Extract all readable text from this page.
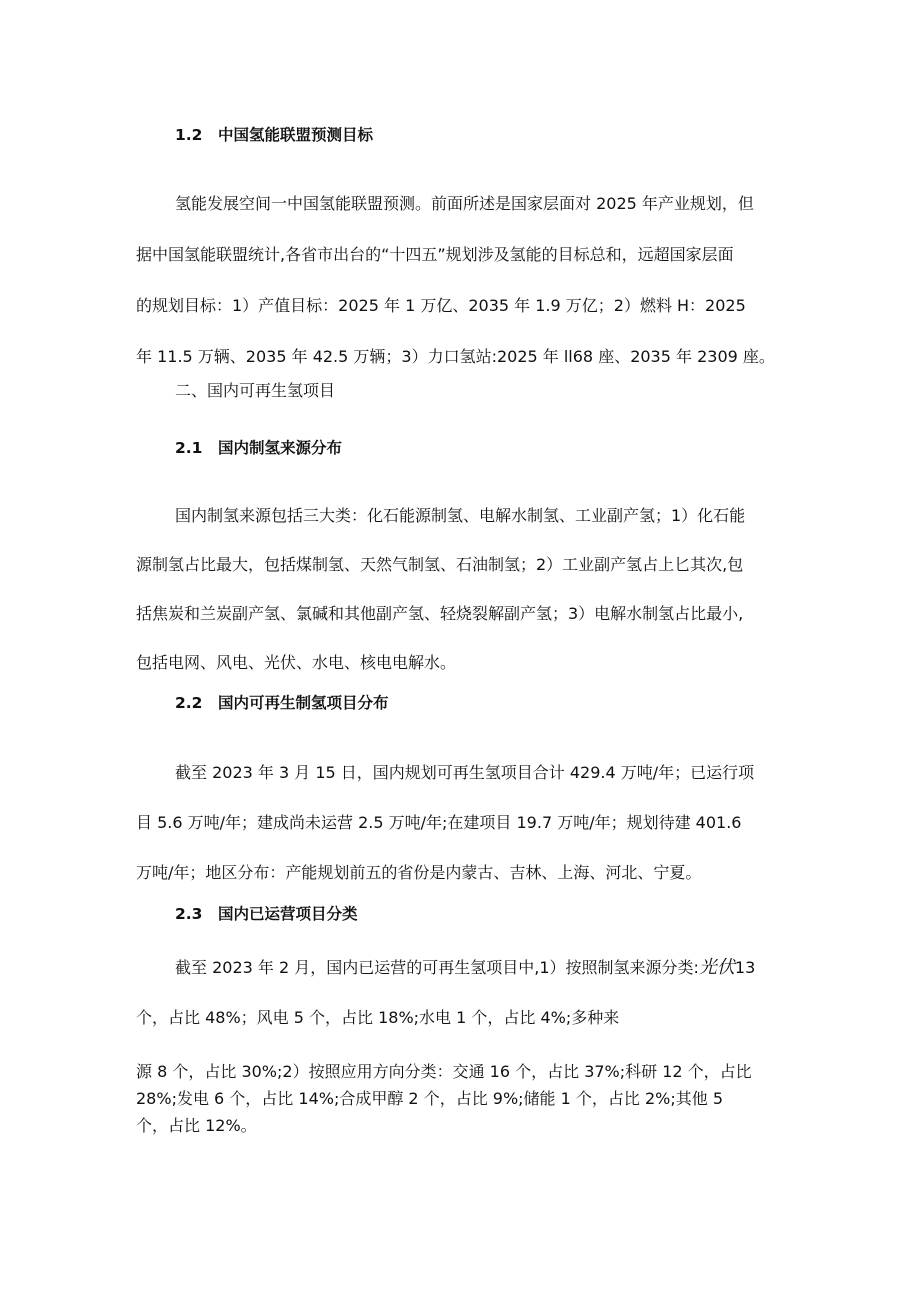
1.2　中国氢能联盟预测目标
氢能发展空间一中国氢能联盟预测。前面所述是国家层面对 2025 年产业规划，但
据中国氢能联盟统计,各省市出台的“十四五”规划涉及氢能的目标总和，远超国家层面
的规划目标：1）产值目标：2025 年 1 万亿、2035 年 1.9 万亿；2）燃料 H：2025
年 11.5 万辆、2035 年 42.5 万辆；3）力口氢站:2025 年 ll68 座、2035 年 2309 座。
二、国内可再生氢项目
2.1　国内制氢来源分布
国内制氢来源包括三大类：化石能源制氢、电解水制氢、工业副产氢；1）化石能
源制氢占比最大，包括煤制氢、天然气制氢、石油制氢；2）工业副产氢占上匕其次,包
括焦炭和兰炭副产氢、氯碱和其他副产氢、轻烧裂解副产氢；3）电解水制氢占比最小,
包括电网、风电、光伏、水电、核电电解水。
2.2　国内可再生制氢项目分布
截至 2023 年 3 月 15 日，国内规划可再生氢项目合计 429.4 万吨/年；已运行项
目 5.6 万吨/年；建成尚未运营 2.5 万吨/年;在建项目 19.7 万吨/年；规划待建 401.6
万吨/年；地区分布：产能规划前五的省份是内蒙古、吉林、上海、河北、宁夏。
2.3　国内已运营项目分类
截至 2023 年 2 月，国内已运营的可再生氢项目中,1）按照制氢来源分类:光伏13
个，占比 48%；风电 5 个，占比 18%;水电 1 个，占比 4%;多种来
源 8 个，占比 30%;2）按照应用方向分类：交通 16 个，占比 37%;科研 12 个，占比
28%;发电 6 个，占比 14%;合成甲醇 2 个，占比 9%;储能 1 个，占比 2%;其他 5
个，占比 12%。
